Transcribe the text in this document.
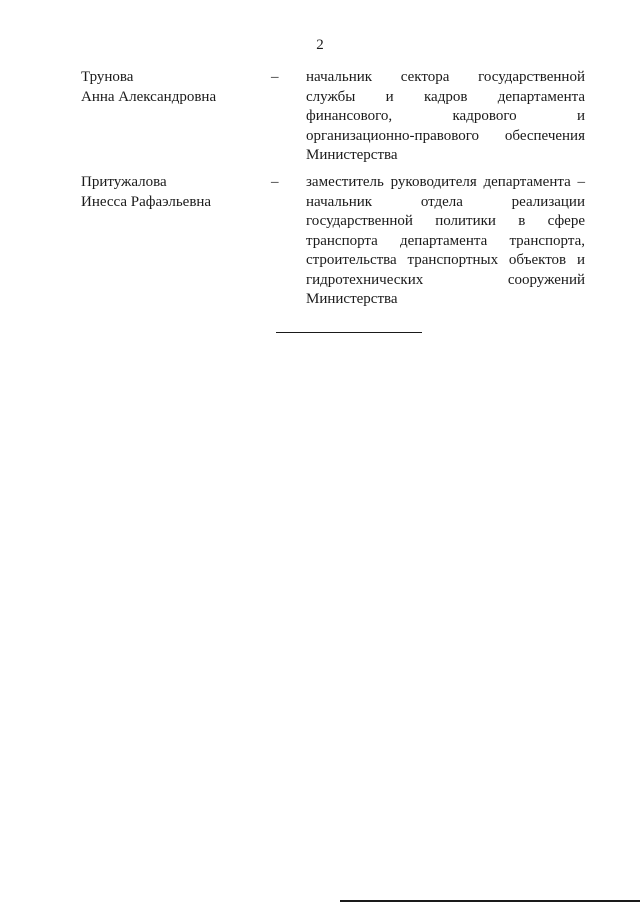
2
Трунова
Анна Александровна
– начальник сектора государственной
службы и кадров департамента
финансового, кадрового и
организационно-правового обеспечения
Министерства
Притужалова
Инесса Рафаэльевна
– заместитель руководителя департамента –
начальник отдела реализации
государственной политики в сфере
транспорта департамента транспорта,
строительства транспортных объектов и
гидротехнических сооружений
Министерства
